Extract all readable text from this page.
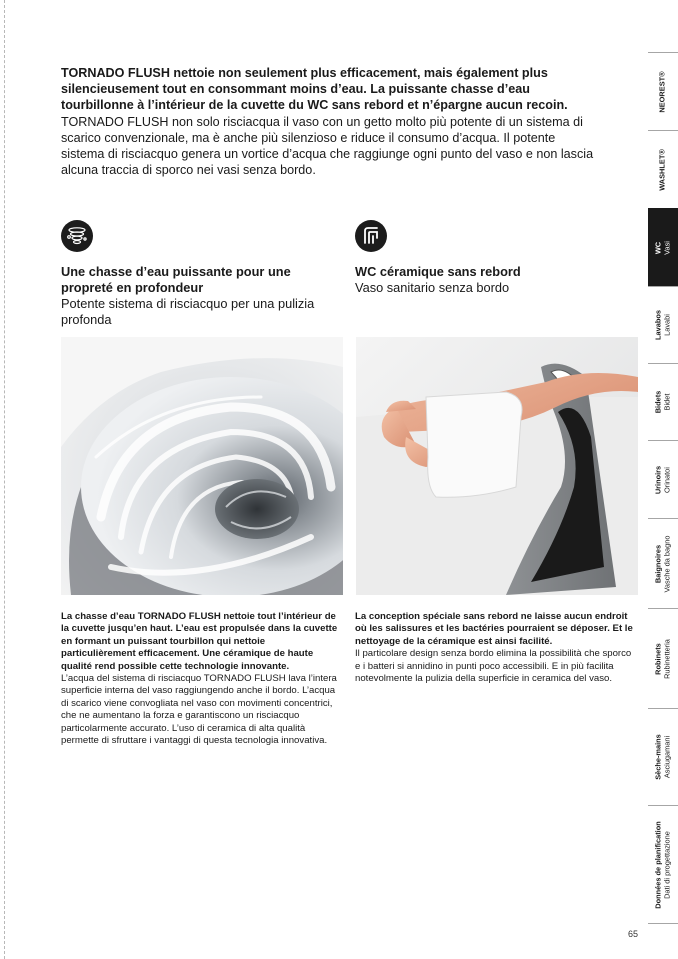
TORNADO FLUSH nettoie non seulement plus efficacement, mais également plus silencieusement tout en consommant moins d’eau. La puissante chasse d’eau tourbillonne à l’intérieur de la cuvette du WC sans rebord et n’épargne aucun recoin.

TORNADO FLUSH non solo risciacqua il vaso con un getto molto più potente di un sistema di scarico convenzionale, ma è anche più silenzioso e riduce il consumo d’acqua. Il potente sistema di risciacquo genera un vortice d’acqua che raggiunge ogni punto del vaso e non lascia alcuna traccia di sporco nei vasi senza bordo.

Une chasse d’eau puissante pour une propreté en profondeur
Potente sistema di risciacquo per una pulizia profonda
WC céramique sans rebord
Vaso sanitario senza bordo

La chasse d’eau TORNADO FLUSH nettoie tout l’intérieur de la cuvette jusqu’en haut. L’eau est propulsée dans la cuvette en formant un puissant tourbillon qui nettoie particulièrement efficacement. Une céramique de haute qualité rend possible cette technologie innovante.

L’acqua del sistema di risciacquo TORNADO FLUSH lava l’intera superficie interna del vaso raggiungendo anche il bordo. L’acqua di scarico viene convogliata nel vaso con movimenti concentrici, che ne aumentano la forza e garantiscono un risciacquo particolarmente accurato. L’uso di ceramica di alta qualità permette di sfruttare i vantaggi di questa tecnologia innovativa.

La conception spéciale sans rebord ne laisse aucun endroit où les salissures et les bactéries pourraient se déposer. Et le nettoyage de la céramique est ainsi facilité.

Il particolare design senza bordo elimina la possibilità che sporco e i batteri si annidino in punti poco accessibili. E in più facilita notevolmente la pulizia della superficie in ceramica del vaso.

NEOREST®
WASHLET®
WC Vasi
Lavabos Lavabi
Bidets Bidet
Urinoirs Orinatoi
Baignoires Vasche da bagno
Robinets Rubinetteria
Sèche-mains Asciugamani
Données de planification Dati di progettazione
65
